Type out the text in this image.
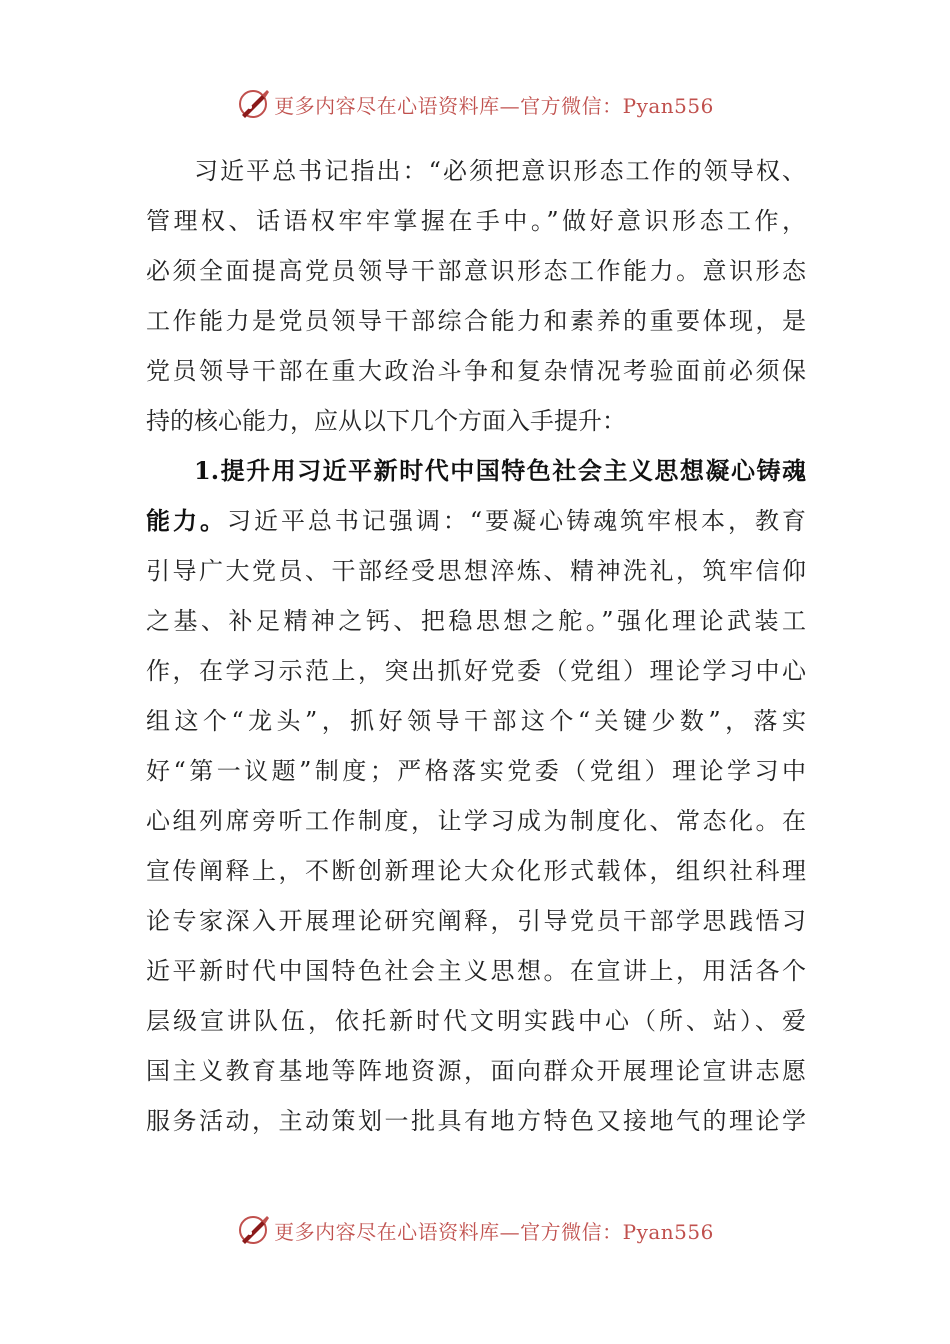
更多内容尽在心语资料库—官方微信：Pyan556
习近平总书记指出：“必须把意识形态工作的领导权、
管理权、话语权牢牢掌握在手中。”做好意识形态工作，
必须全面提高党员领导干部意识形态工作能力。意识形态
工作能力是党员领导干部综合能力和素养的重要体现，是
党员领导干部在重大政治斗争和复杂情况考验面前必须保
持的核心能力，应从以下几个方面入手提升：
1.提升用习近平新时代中国特色社会主义思想凝心铸魂
能力。习近平总书记强调：“要凝心铸魂筑牢根本，教育
引导广大党员、干部经受思想淬炼、精神洗礼，筑牢信仰
之基、补足精神之钙、把稳思想之舵。”强化理论武装工
作，在学习示范上，突出抓好党委（党组）理论学习中心
组这个“龙头”，抓好领导干部这个“关键少数”，落实
好“第一议题”制度；严格落实党委（党组）理论学习中
心组列席旁听工作制度，让学习成为制度化、常态化。在
宣传阐释上，不断创新理论大众化形式载体，组织社科理
论专家深入开展理论研究阐释，引导党员干部学思践悟习
近平新时代中国特色社会主义思想。在宣讲上，用活各个
层级宣讲队伍，依托新时代文明实践中心（所、站）、爱
国主义教育基地等阵地资源，面向群众开展理论宣讲志愿
服务活动，主动策划一批具有地方特色又接地气的理论学
更多内容尽在心语资料库—官方微信：Pyan556
